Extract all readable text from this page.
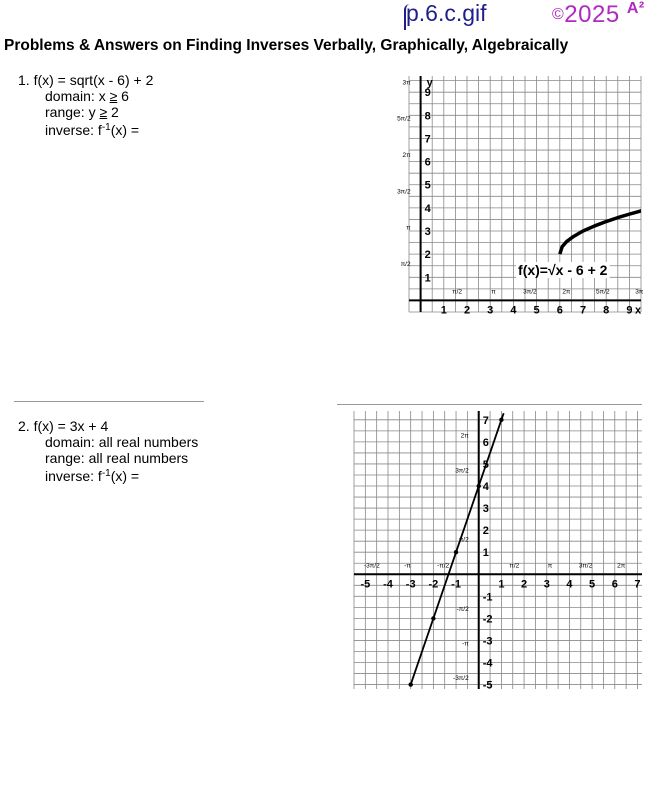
p.6.c.gif	©2025 $^{A^2}$
Problems & Answers on Finding Inverses Verbally, Graphically, Algebraically
1. f(x) = sqrt(x - 6) + 2
domain: x ≥ 6
range: y ≥ 2
inverse: $f^{-1}(x)$ =
2. f(x) = 3x + 4
domain: all real numbers
range: all real numbers
inverse: $f^{-1}(x)$ =
1 2 3 4 5 6 7 8 9
1
2
3
4
5
6
7
8
9
π/2	π	3π/2	2π	5π/2	3π
π/2
π
3π/2
2π
5π/2
3π
x
y
f(x)=√x - 6 + 2
-5 -4 -3 -2 -1	1 2 3 4 5 6 7
-5
-4
-3
-2
-1
1
2
3
4
5
6
7
-3π/2	-π	-π/2	π/2	π	3π/2	2π
2π
3π/2
π/2
-π/2
-π
-3π/2
